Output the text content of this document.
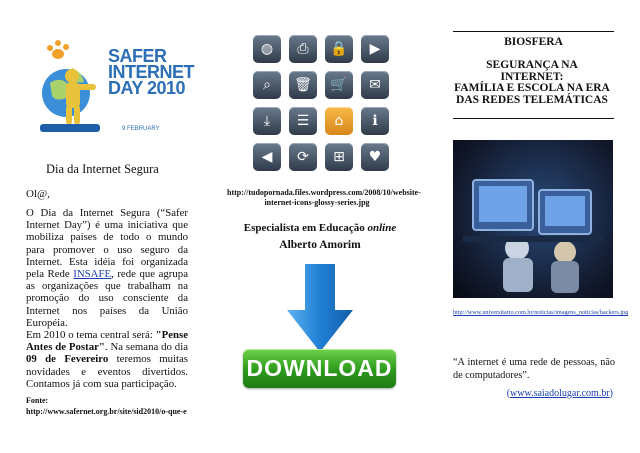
SAFER
INTERNET
DAY 2010
9 FEBRUARY
Dia da Internet Segura
Ol@,
O Dia da Internet Segura (“Safer Internet Day”) é uma iniciativa que mobiliza países de todo o mundo para promover o uso seguro da Internet. Esta idéia foi organizada pela Rede INSAFE, rede que agrupa as organizações que trabalham na promoção do uso consciente da Internet nos países da União Européia.
Em 2010 o tema central será: "Pense Antes de Postar". Na semana do dia 09 de Fevereiro teremos muitas novidades e eventos divertidos. Contamos já com sua participação.
Fonte:
http://www.safernet.org.br/site/sid2010/o-que-e
◍	⎙	🔒	▶
⌕	🗑	🛒	✉
⤓	☰	⌂	ℹ
◀	⟳	⊞	♥
http://tudopornada.files.wordpress.com/2008/10/website-internet-icons-glossy-series.jpg
Especialista em Educação online
Alberto Amorim
DOWNLOAD
BIOSFERA
SEGURANÇA NA
INTERNET:
FAMÍLIA E ESCOLA NA ERA
DAS REDES TELEMÁTICAS
http://www.universitario.com.br/noticias/imagens_noticias/hackers.jpg
“A internet é uma rede de pessoas, não de computadores”.
(www.saiadolugar.com.br)
